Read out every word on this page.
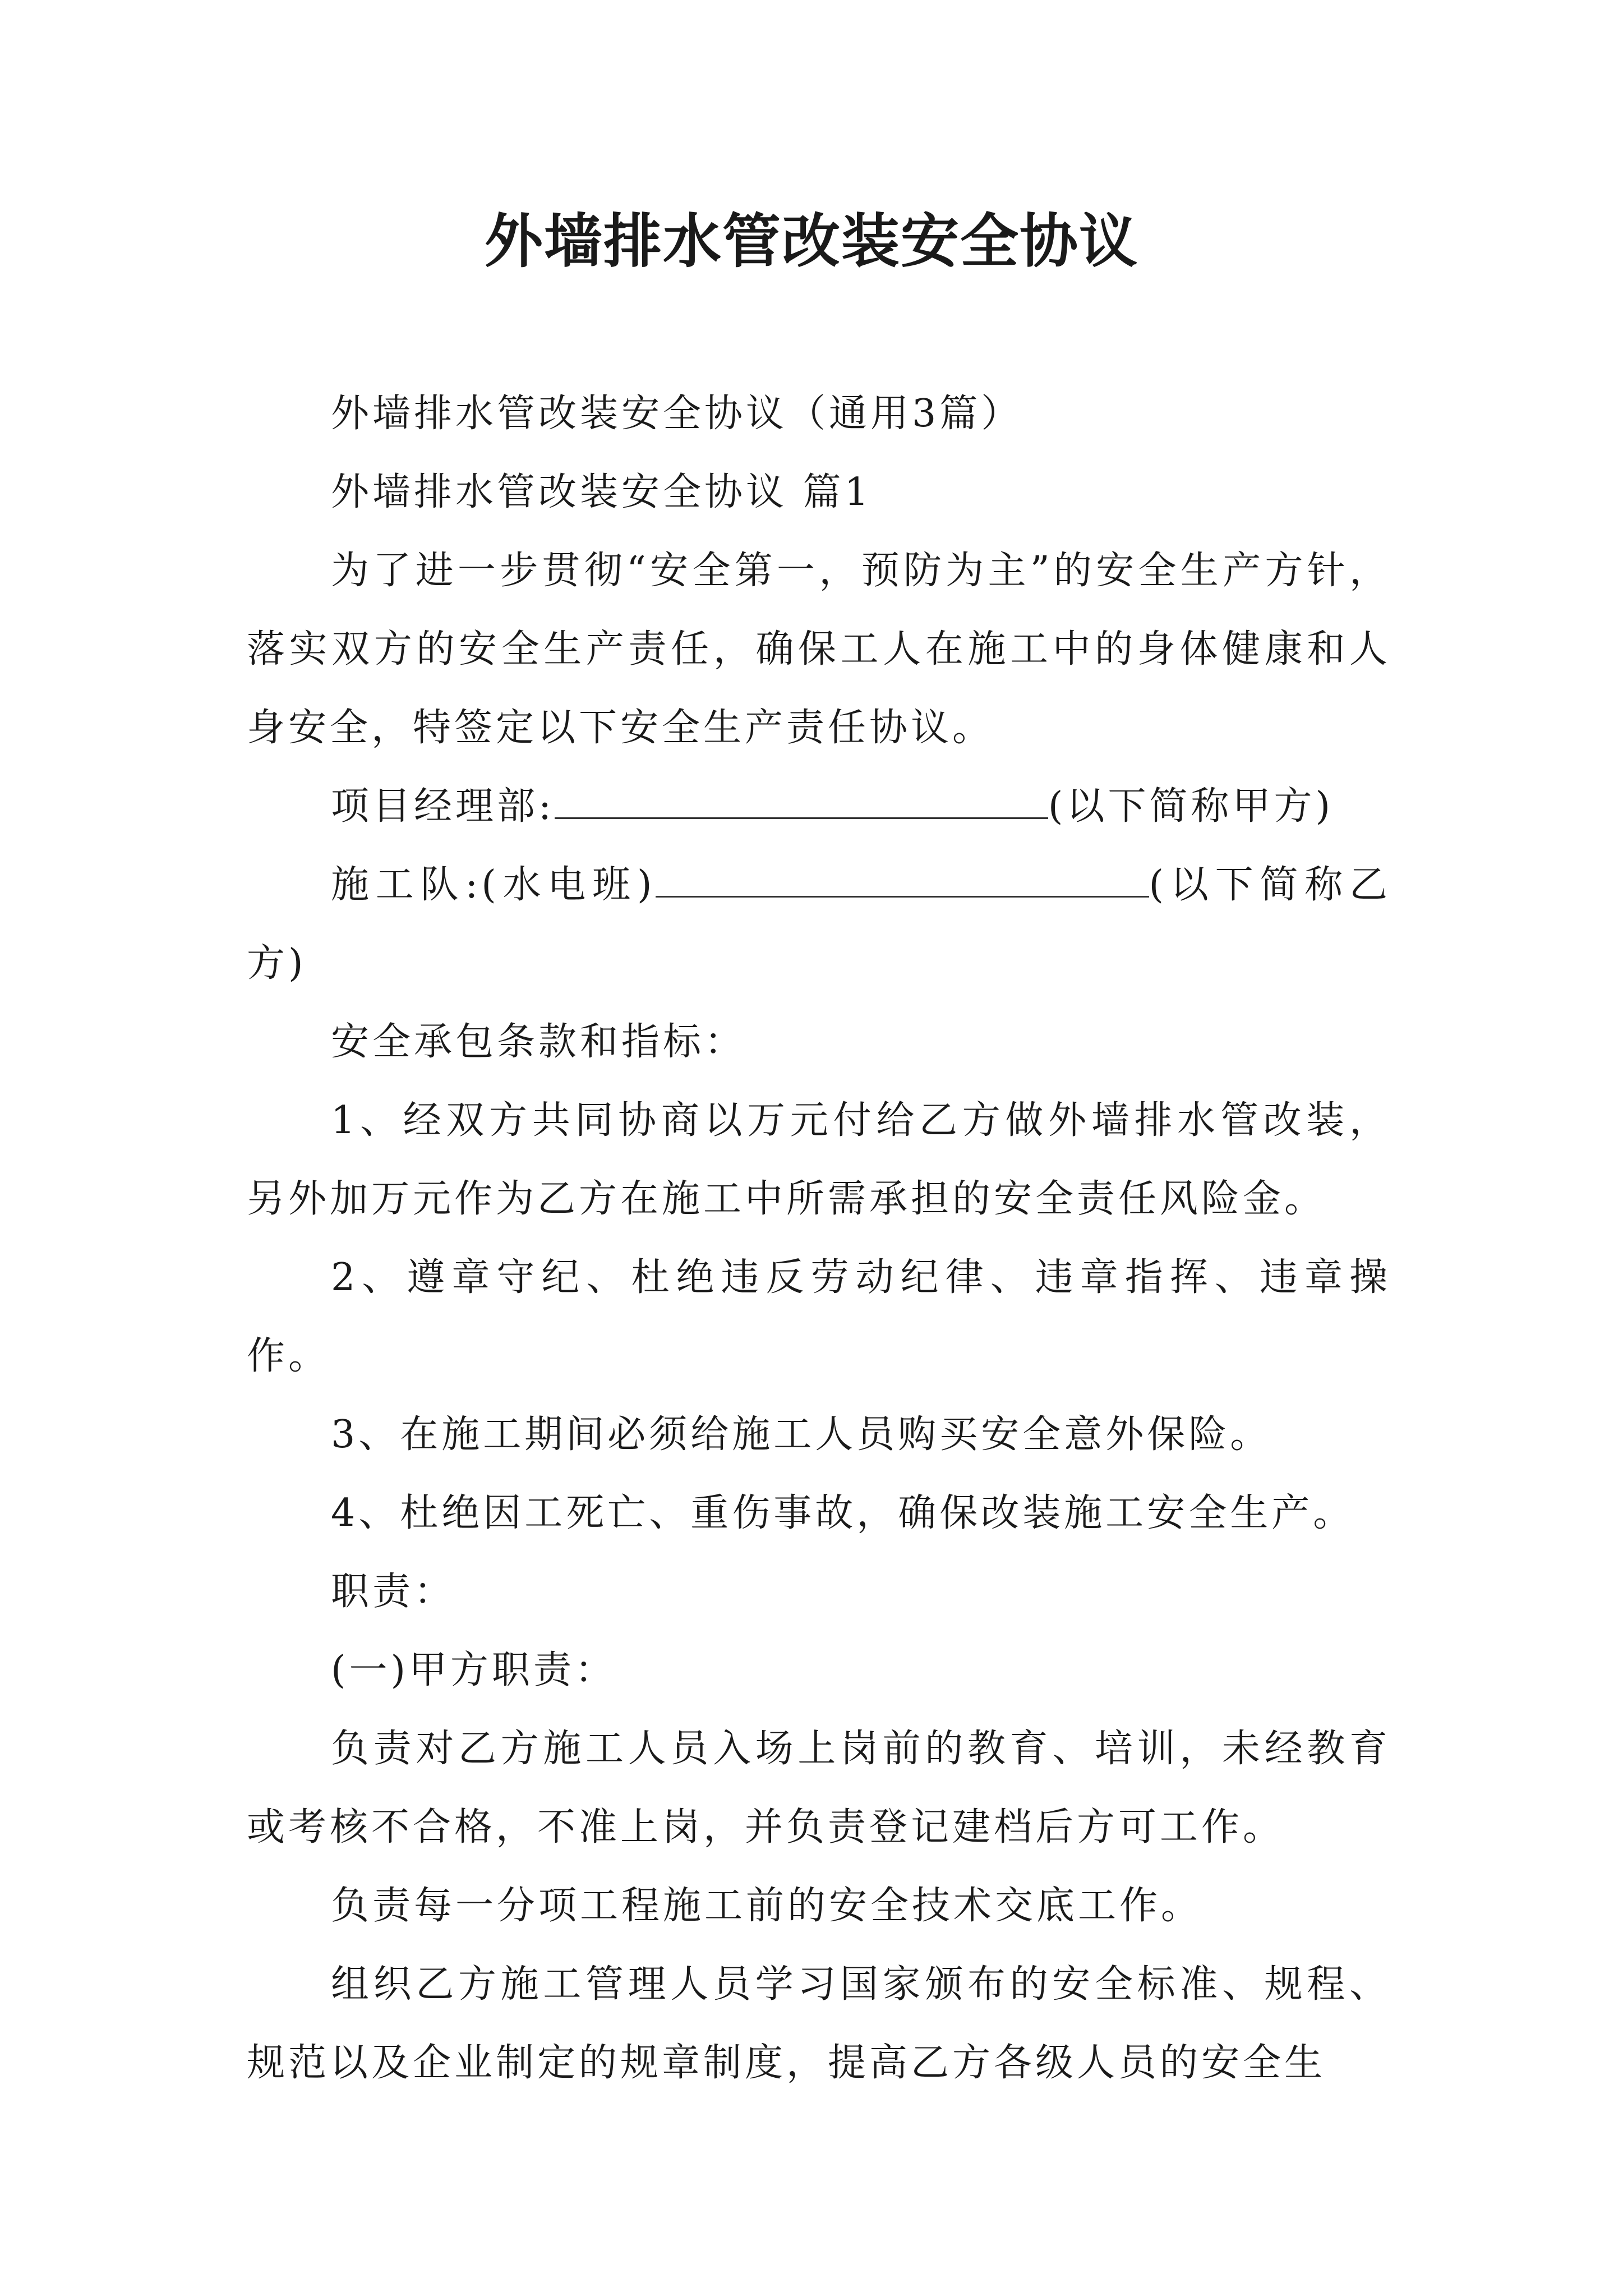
外墙排水管改装安全协议

外墙排水管改装安全协议（通用3篇）

外墙排水管改装安全协议 篇1

为了进一步贯彻“安全第一，预防为主”的安全生产方针，落实双方的安全生产责任，确保工人在施工中的身体健康和人身安全，特签定以下安全生产责任协议。

项目经理部:	(以下简称甲方)

施工队:(水电班)	(以下简称乙方)

安全承包条款和指标：

1、经双方共同协商以万元付给乙方做外墙排水管改装，另外加万元作为乙方在施工中所需承担的安全责任风险金。

2、遵章守纪、杜绝违反劳动纪律、违章指挥、违章操作。

3、在施工期间必须给施工人员购买安全意外保险。

4、杜绝因工死亡、重伤事故，确保改装施工安全生产。

职责：

(一)甲方职责：

负责对乙方施工人员入场上岗前的教育、培训，未经教育或考核不合格，不准上岗，并负责登记建档后方可工作。

负责每一分项工程施工前的安全技术交底工作。

组织乙方施工管理人员学习国家颁布的安全标准、规程、规范以及企业制定的规章制度，提高乙方各级人员的安全生
